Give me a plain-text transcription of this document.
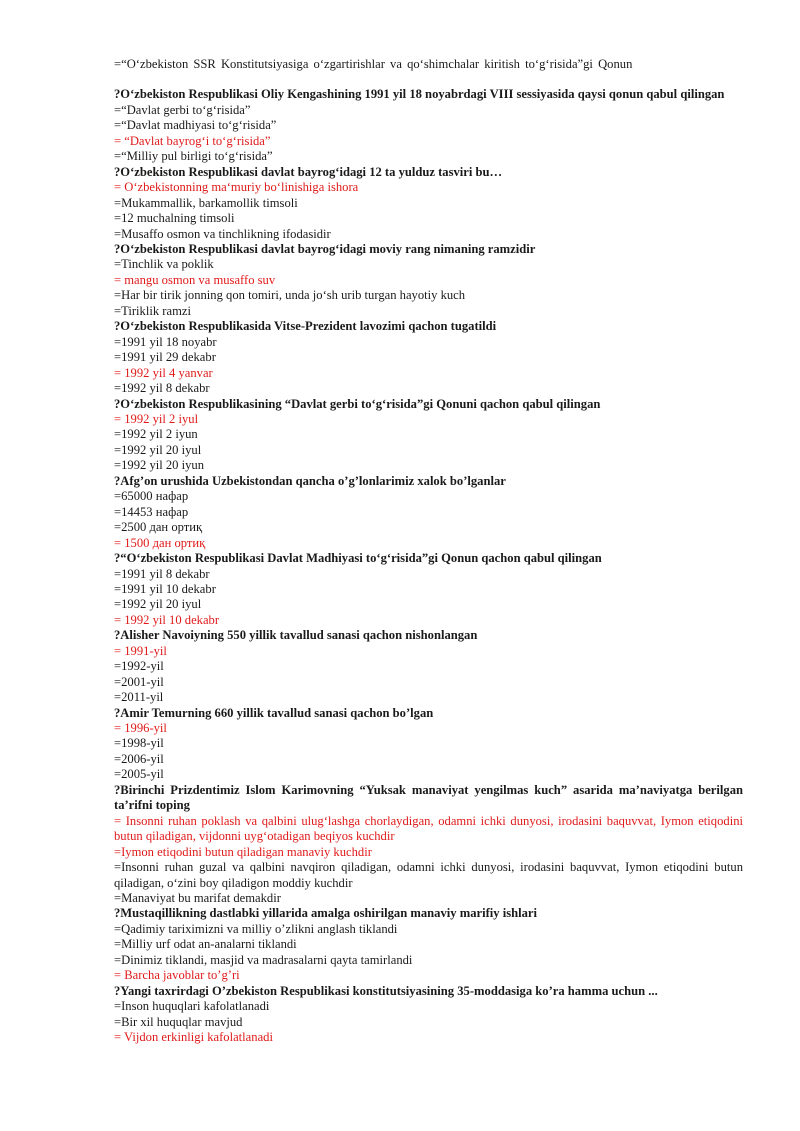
=“O‘zbekiston SSR Konstitutsiyasiga o‘zgartirishlar va qo‘shimchalar kiritish to‘g‘risida”gi Qonun
?O‘zbekiston Respublikasi Oliy Kengashining 1991 yil 18 noyabrdagi VIII sessiyasida qaysi qonun qabul qilingan
=“Davlat gerbi to‘g‘risida”
=“Davlat madhiyasi to‘g‘risida”
= “Davlat bayrog‘i to‘g‘risida”
=“Milliy pul birligi to‘g‘risida”
?O‘zbekiston Respublikasi davlat bayrog‘idagi 12 ta yulduz tasviri bu…
= O‘zbekistonning ma‘muriy bo‘linishiga ishora
=Mukammallik, barkamollik timsoli
=12 muchalning timsoli
=Musaffo osmon va tinchlikning ifodasidir
?O‘zbekiston Respublikasi davlat bayrog‘idagi moviy rang nimaning ramzidir
=Tinchlik va poklik
= mangu osmon va musaffo suv
=Har bir tirik jonning qon tomiri, unda jo‘sh urib turgan hayotiy kuch
=Tiriklik ramzi
?O‘zbekiston Respublikasida Vitse-Prezident lavozimi qachon tugatildi
=1991 yil 18 noyabr
=1991 yil 29 dekabr
= 1992 yil 4 yanvar
=1992 yil 8 dekabr
?O‘zbekiston Respublikasining “Davlat gerbi to‘g‘risida”gi Qonuni qachon qabul qilingan
= 1992 yil 2 iyul
=1992 yil 2 iyun
=1992 yil 20 iyul
=1992 yil 20 iyun
?Afg’on urushida Uzbekistondan qancha o’g’lonlarimiz xalok bo’lganlar
=65000 нафар
=14453 нафар
=2500 дан ортиқ
= 1500 дан ортиқ
?“O‘zbekiston Respublikasi Davlat Madhiyasi to‘g‘risida”gi Qonun qachon qabul qilingan
=1991 yil 8 dekabr
=1991 yil 10 dekabr
=1992 yil 20 iyul
= 1992 yil 10 dekabr
?Alisher Navoiyning 550 yillik tavallud sanasi qachon nishonlangan
= 1991-yil
=1992-yil
=2001-yil
=2011-yil
?Amir Temurning 660 yillik tavallud sanasi qachon bo’lgan
= 1996-yil
=1998-yil
=2006-yil
=2005-yil
?Birinchi Prizdentimiz Islom Karimovning “Yuksak manaviyat yengilmas kuch” asarida ma’naviyatga berilgan ta’rifni toping
= Insonni ruhan poklash va qalbini ulug‘lashga chorlaydigan, odamni ichki dunyosi, irodasini baquvvat, Iymon etiqodini butun qiladigan, vijdonni uyg‘otadigan beqiyos kuchdir
=Iymon etiqodini butun qiladigan manaviy kuchdir
=Insonni ruhan guzal va qalbini navqiron qiladigan, odamni ichki dunyosi, irodasini baquvvat, Iymon etiqodini butun qiladigan, o‘zini boy qiladigon moddiy kuchdir
=Manaviyat bu marifat demakdir
?Mustaqillikning dastlabki yillarida amalga oshirilgan manaviy marifiy ishlari
=Qadimiy tariximizni va milliy o’zlikni anglash tiklandi
=Milliy urf odat an-analarni tiklandi
=Dinimiz tiklandi, masjid va madrasalarni qayta tamirlandi
= Barcha javoblar to’g’ri
?Yangi taxrirdagi O’zbekiston Respublikasi konstitutsiyasining 35-moddasiga ko’ra hamma uchun ...
=Inson huquqlari kafolatlanadi
=Bir xil huquqlar mavjud
= Vijdon erkinligi kafolatlanadi
